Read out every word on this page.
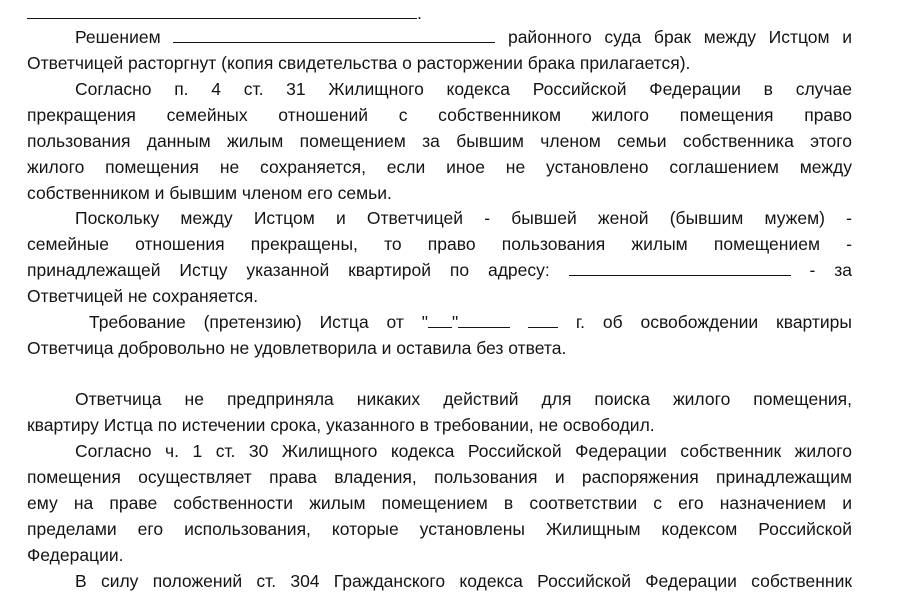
.
Решением	районного суда брак между Истцом и
Ответчицей расторгнут (копия свидетельства о расторжении брака прилагается).
Согласно п. 4 ст. 31 Жилищного кодекса Российской Федерации в случае
прекращения семейных отношений с собственником жилого помещения право
пользования данным жилым помещением за бывшим членом семьи собственника этого
жилого помещения не сохраняется, если иное не установлено соглашением между
собственником и бывшим членом его семьи.
Поскольку между Истцом и Ответчицей - бывшей женой (бывшим мужем) -
семейные отношения прекращены, то право пользования жилым помещением -
принадлежащей Истцу указанной квартирой по адресу:	- за
Ответчицей не сохраняется.
Требование (претензию) Истца от " "	г. об освобождении квартиры
Ответчица добровольно не удовлетворила и оставила без ответа.
Ответчица не предприняла никаких действий для поиска жилого помещения,
квартиру Истца по истечении срока, указанного в требовании, не освободил.
Согласно ч. 1 ст. 30 Жилищного кодекса Российской Федерации собственник жилого
помещения осуществляет права владения, пользования и распоряжения принадлежащим
ему на праве собственности жилым помещением в соответствии с его назначением и
пределами его использования, которые установлены Жилищным кодексом Российской
Федерации.
В силу положений ст. 304 Гражданского кодекса Российской Федерации собственник
